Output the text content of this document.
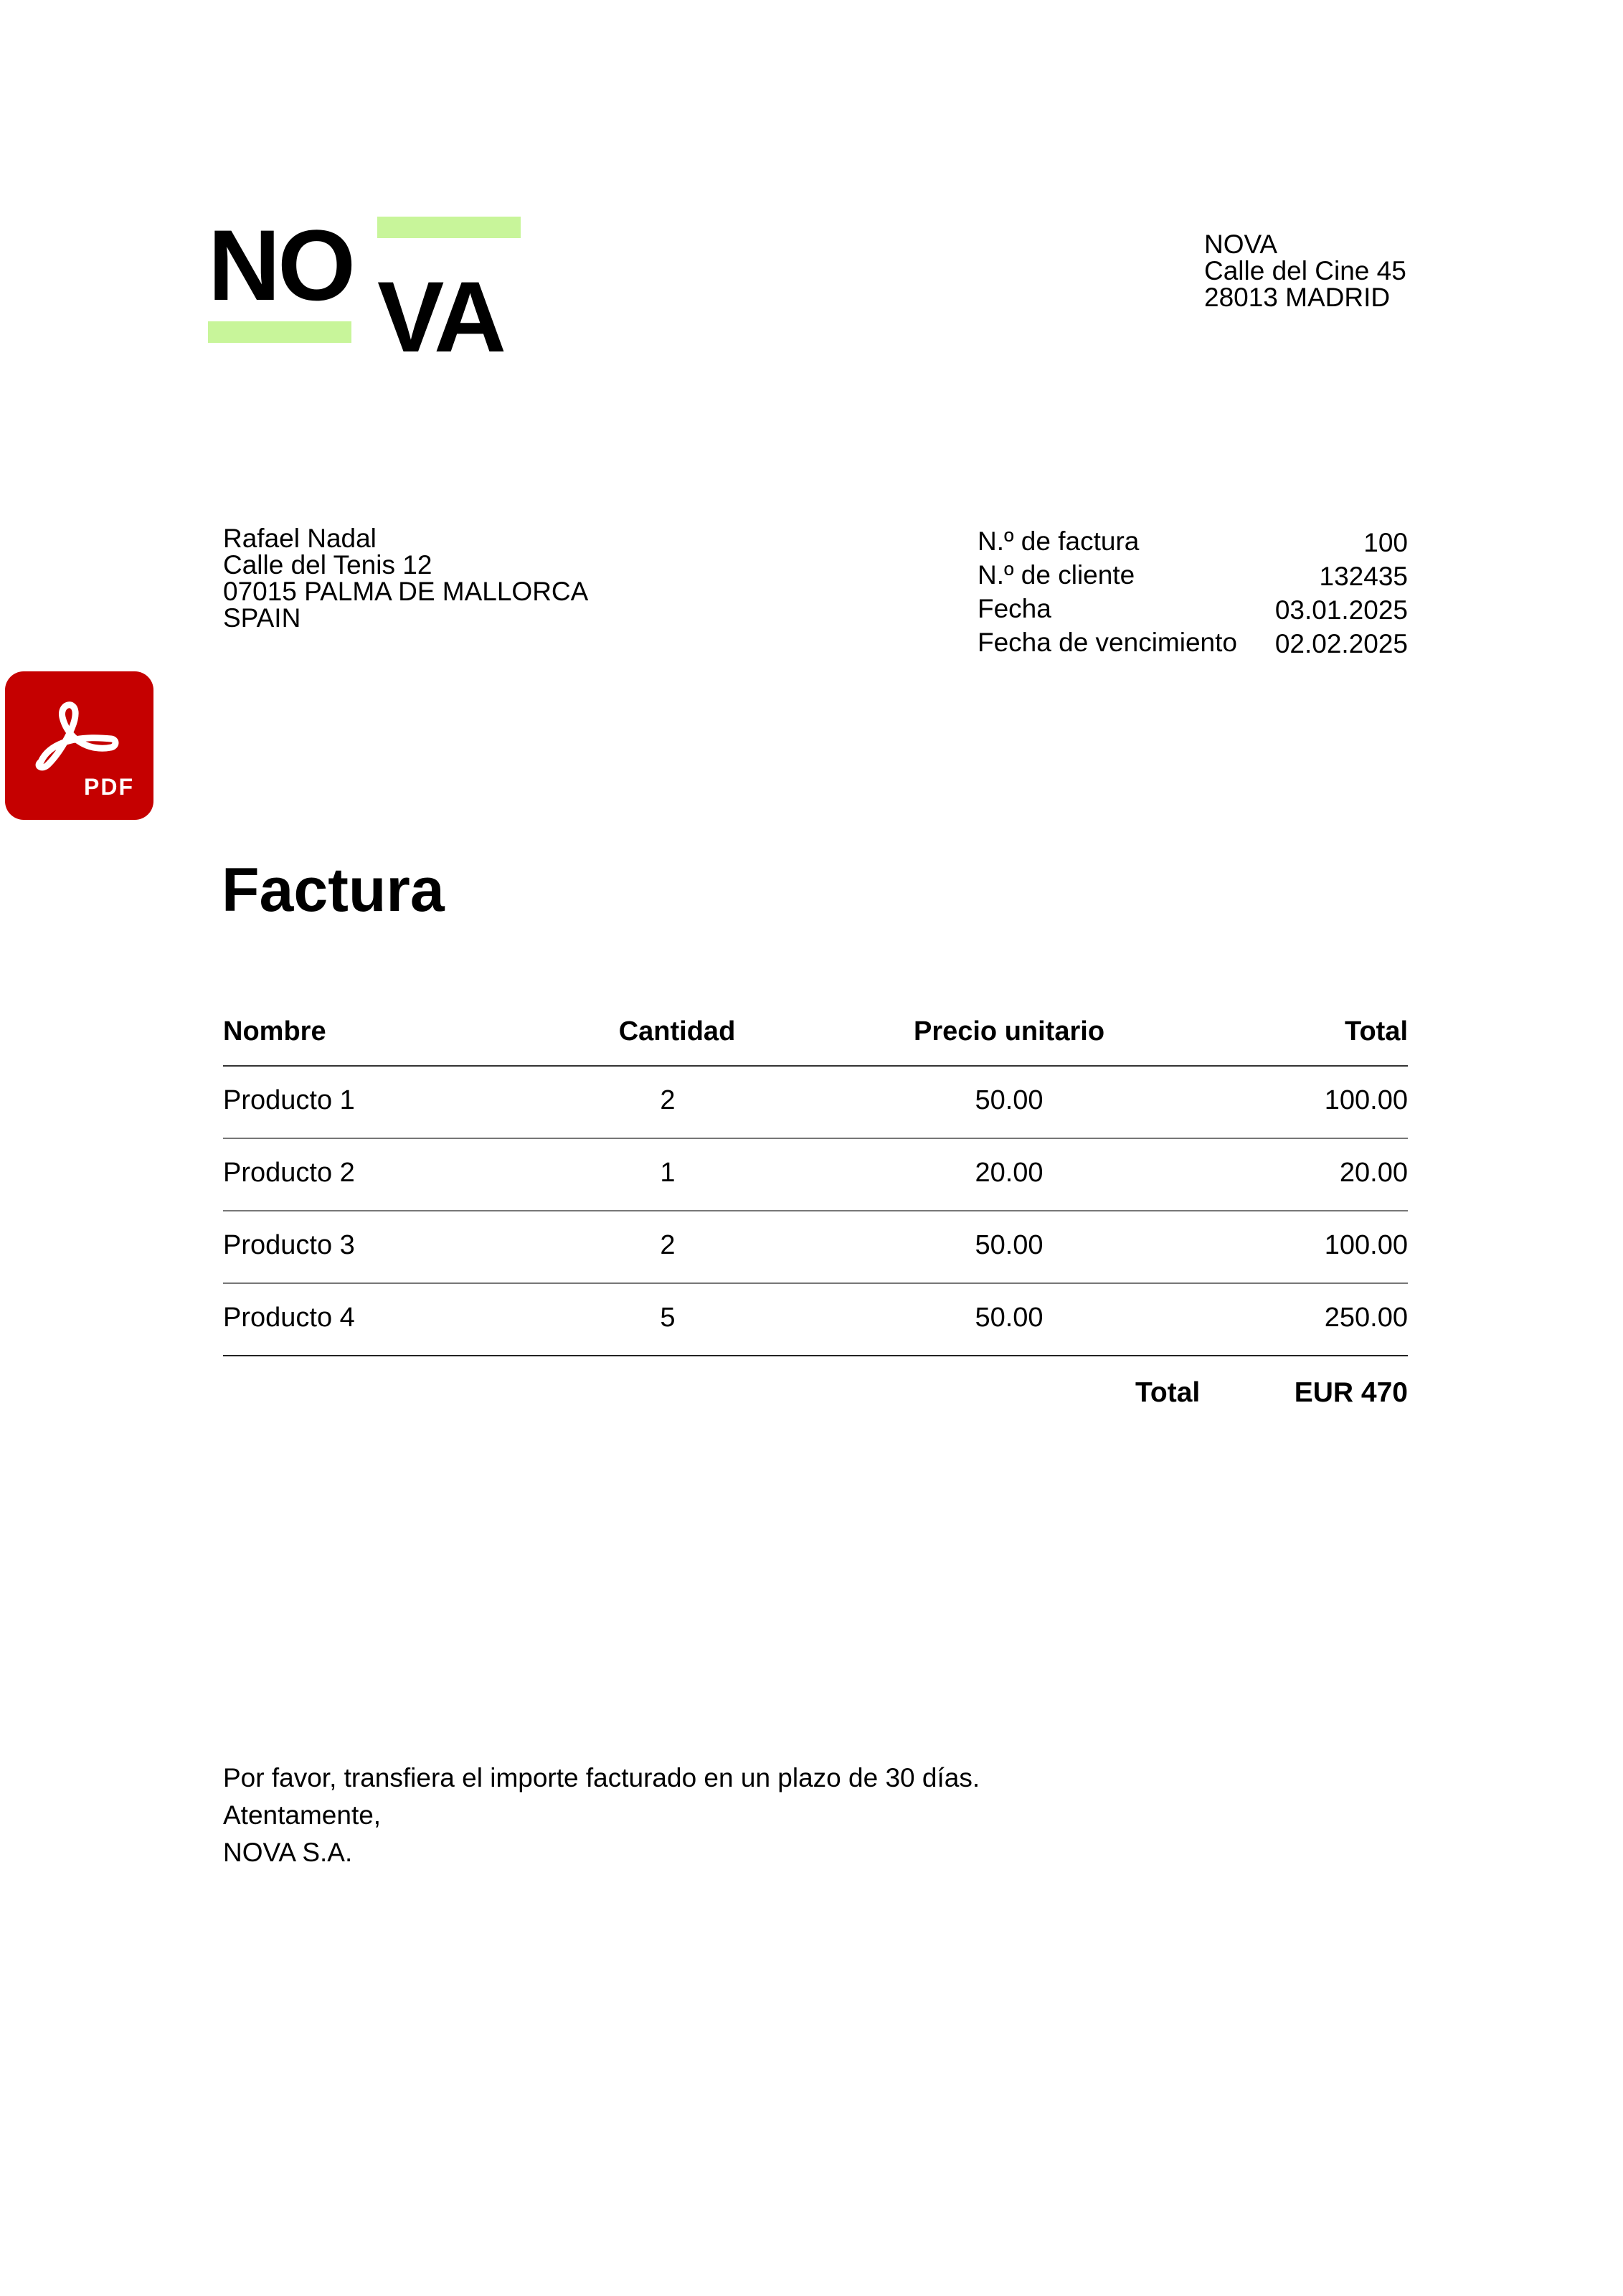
NO VA
NOVA
Calle del Cine 45
28013 MADRID
Rafael Nadal
Calle del Tenis 12
07015 PALMA DE MALLORCA
SPAIN
N.º de factura	100
N.º de cliente	132435
Fecha	03.01.2025
Fecha de vencimiento 02.02.2025
PDF
Factura
Nombre	Cantidad	Precio unitario	Total
Producto 1	2	50.00	100.00
Producto 2	1	20.00	20.00
Producto 3	2	50.00	100.00
Producto 4	5	50.00	250.00
Total	EUR 470
Por favor, transfiera el importe facturado en un plazo de 30 días.
Atentamente,
NOVA S.A.
